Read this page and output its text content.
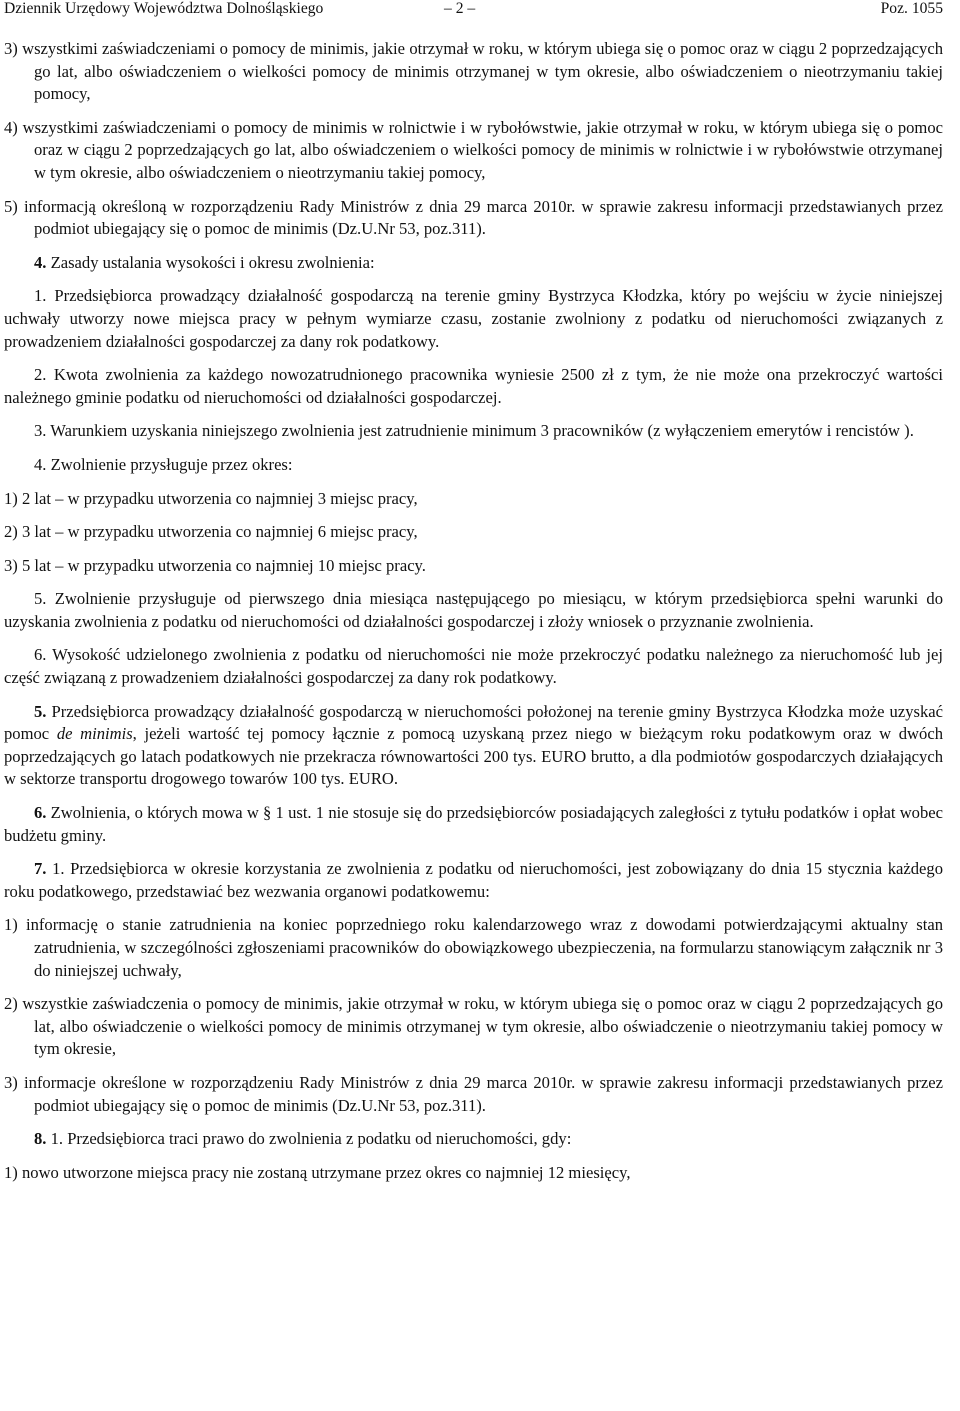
Dziennik Urzędowy Województwa Dolnośląskiego	– 2 –	Poz. 1055

3) wszystkimi zaświadczeniami o pomocy de minimis, jakie otrzymał w roku, w którym ubiega się o pomoc oraz w ciągu 2 poprzedzających go lat, albo oświadczeniem o wielkości pomocy de minimis otrzymanej w tym okresie, albo oświadczeniem o nieotrzymaniu takiej pomocy,

4) wszystkimi zaświadczeniami o pomocy de minimis w rolnictwie i w rybołówstwie, jakie otrzymał w roku, w którym ubiega się o pomoc oraz w ciągu 2 poprzedzających go lat, albo oświadczeniem o wielkości pomocy de minimis w rolnictwie i w rybołówstwie otrzymanej w tym okresie, albo oświadczeniem o nieotrzymaniu takiej pomocy,

5) informacją określoną w rozporządzeniu Rady Ministrów z dnia 29 marca 2010r. w sprawie zakresu informacji przedstawianych przez podmiot ubiegający się o pomoc de minimis (Dz.U.Nr 53, poz.311).

4. Zasady ustalania wysokości i okresu zwolnienia:

1. Przedsiębiorca prowadzący działalność gospodarczą na terenie gminy Bystrzyca Kłodzka, który po wejściu w życie niniejszej uchwały utworzy nowe miejsca pracy w pełnym wymiarze czasu, zostanie zwolniony z podatku od nieruchomości związanych z prowadzeniem działalności gospodarczej za dany rok podatkowy.

2. Kwota zwolnienia za każdego nowozatrudnionego pracownika wyniesie 2500 zł z tym, że nie może ona przekroczyć wartości należnego gminie podatku od nieruchomości od działalności gospodarczej.

3. Warunkiem uzyskania niniejszego zwolnienia jest zatrudnienie minimum 3 pracowników (z wyłączeniem emerytów i rencistów ).

4. Zwolnienie przysługuje przez okres:

1) 2 lat – w przypadku utworzenia co najmniej 3 miejsc pracy,

2) 3 lat – w przypadku utworzenia co najmniej 6 miejsc pracy,

3) 5 lat – w przypadku utworzenia co najmniej 10 miejsc pracy.

5. Zwolnienie przysługuje od pierwszego dnia miesiąca następującego po miesiącu, w którym przedsiębiorca spełni warunki do uzyskania zwolnienia z podatku od nieruchomości od działalności gospodarczej i złoży wniosek o przyznanie zwolnienia.

6. Wysokość udzielonego zwolnienia z podatku od nieruchomości nie może przekroczyć podatku należnego za nieruchomość lub jej część związaną z prowadzeniem działalności gospodarczej za dany rok podatkowy.

5. Przedsiębiorca prowadzący działalność gospodarczą w nieruchomości położonej na terenie gminy Bystrzyca Kłodzka może uzyskać pomoc de minimis, jeżeli wartość tej pomocy łącznie z pomocą uzyskaną przez niego w bieżącym roku podatkowym oraz w dwóch poprzedzających go latach podatkowych nie przekracza równowartości 200 tys. EURO brutto, a dla podmiotów gospodarczych działających w sektorze transportu drogowego towarów 100 tys. EURO.

6. Zwolnienia, o których mowa w § 1 ust. 1 nie stosuje się do przedsiębiorców posiadających zaległości z tytułu podatków i opłat wobec budżetu gminy.

7. 1. Przedsiębiorca w okresie korzystania ze zwolnienia z podatku od nieruchomości, jest zobowiązany do dnia 15 stycznia każdego roku podatkowego, przedstawiać bez wezwania organowi podatkowemu:

1) informację o stanie zatrudnienia na koniec poprzedniego roku kalendarzowego wraz z dowodami potwierdzającymi aktualny stan zatrudnienia, w szczególności zgłoszeniami pracowników do obowiązkowego ubezpieczenia, na formularzu stanowiącym załącznik nr 3 do niniejszej uchwały,

2) wszystkie zaświadczenia o pomocy de minimis, jakie otrzymał w roku, w którym ubiega się o pomoc oraz w ciągu 2 poprzedzających go lat, albo oświadczenie o wielkości pomocy de minimis otrzymanej w tym okresie, albo oświadczenie o nieotrzymaniu takiej pomocy w tym okresie,

3) informacje określone w rozporządzeniu Rady Ministrów z dnia 29 marca 2010r. w sprawie zakresu informacji przedstawianych przez podmiot ubiegający się o pomoc de minimis (Dz.U.Nr 53, poz.311).

8. 1. Przedsiębiorca traci prawo do zwolnienia z podatku od nieruchomości, gdy:

1) nowo utworzone miejsca pracy nie zostaną utrzymane przez okres co najmniej 12 miesięcy,
